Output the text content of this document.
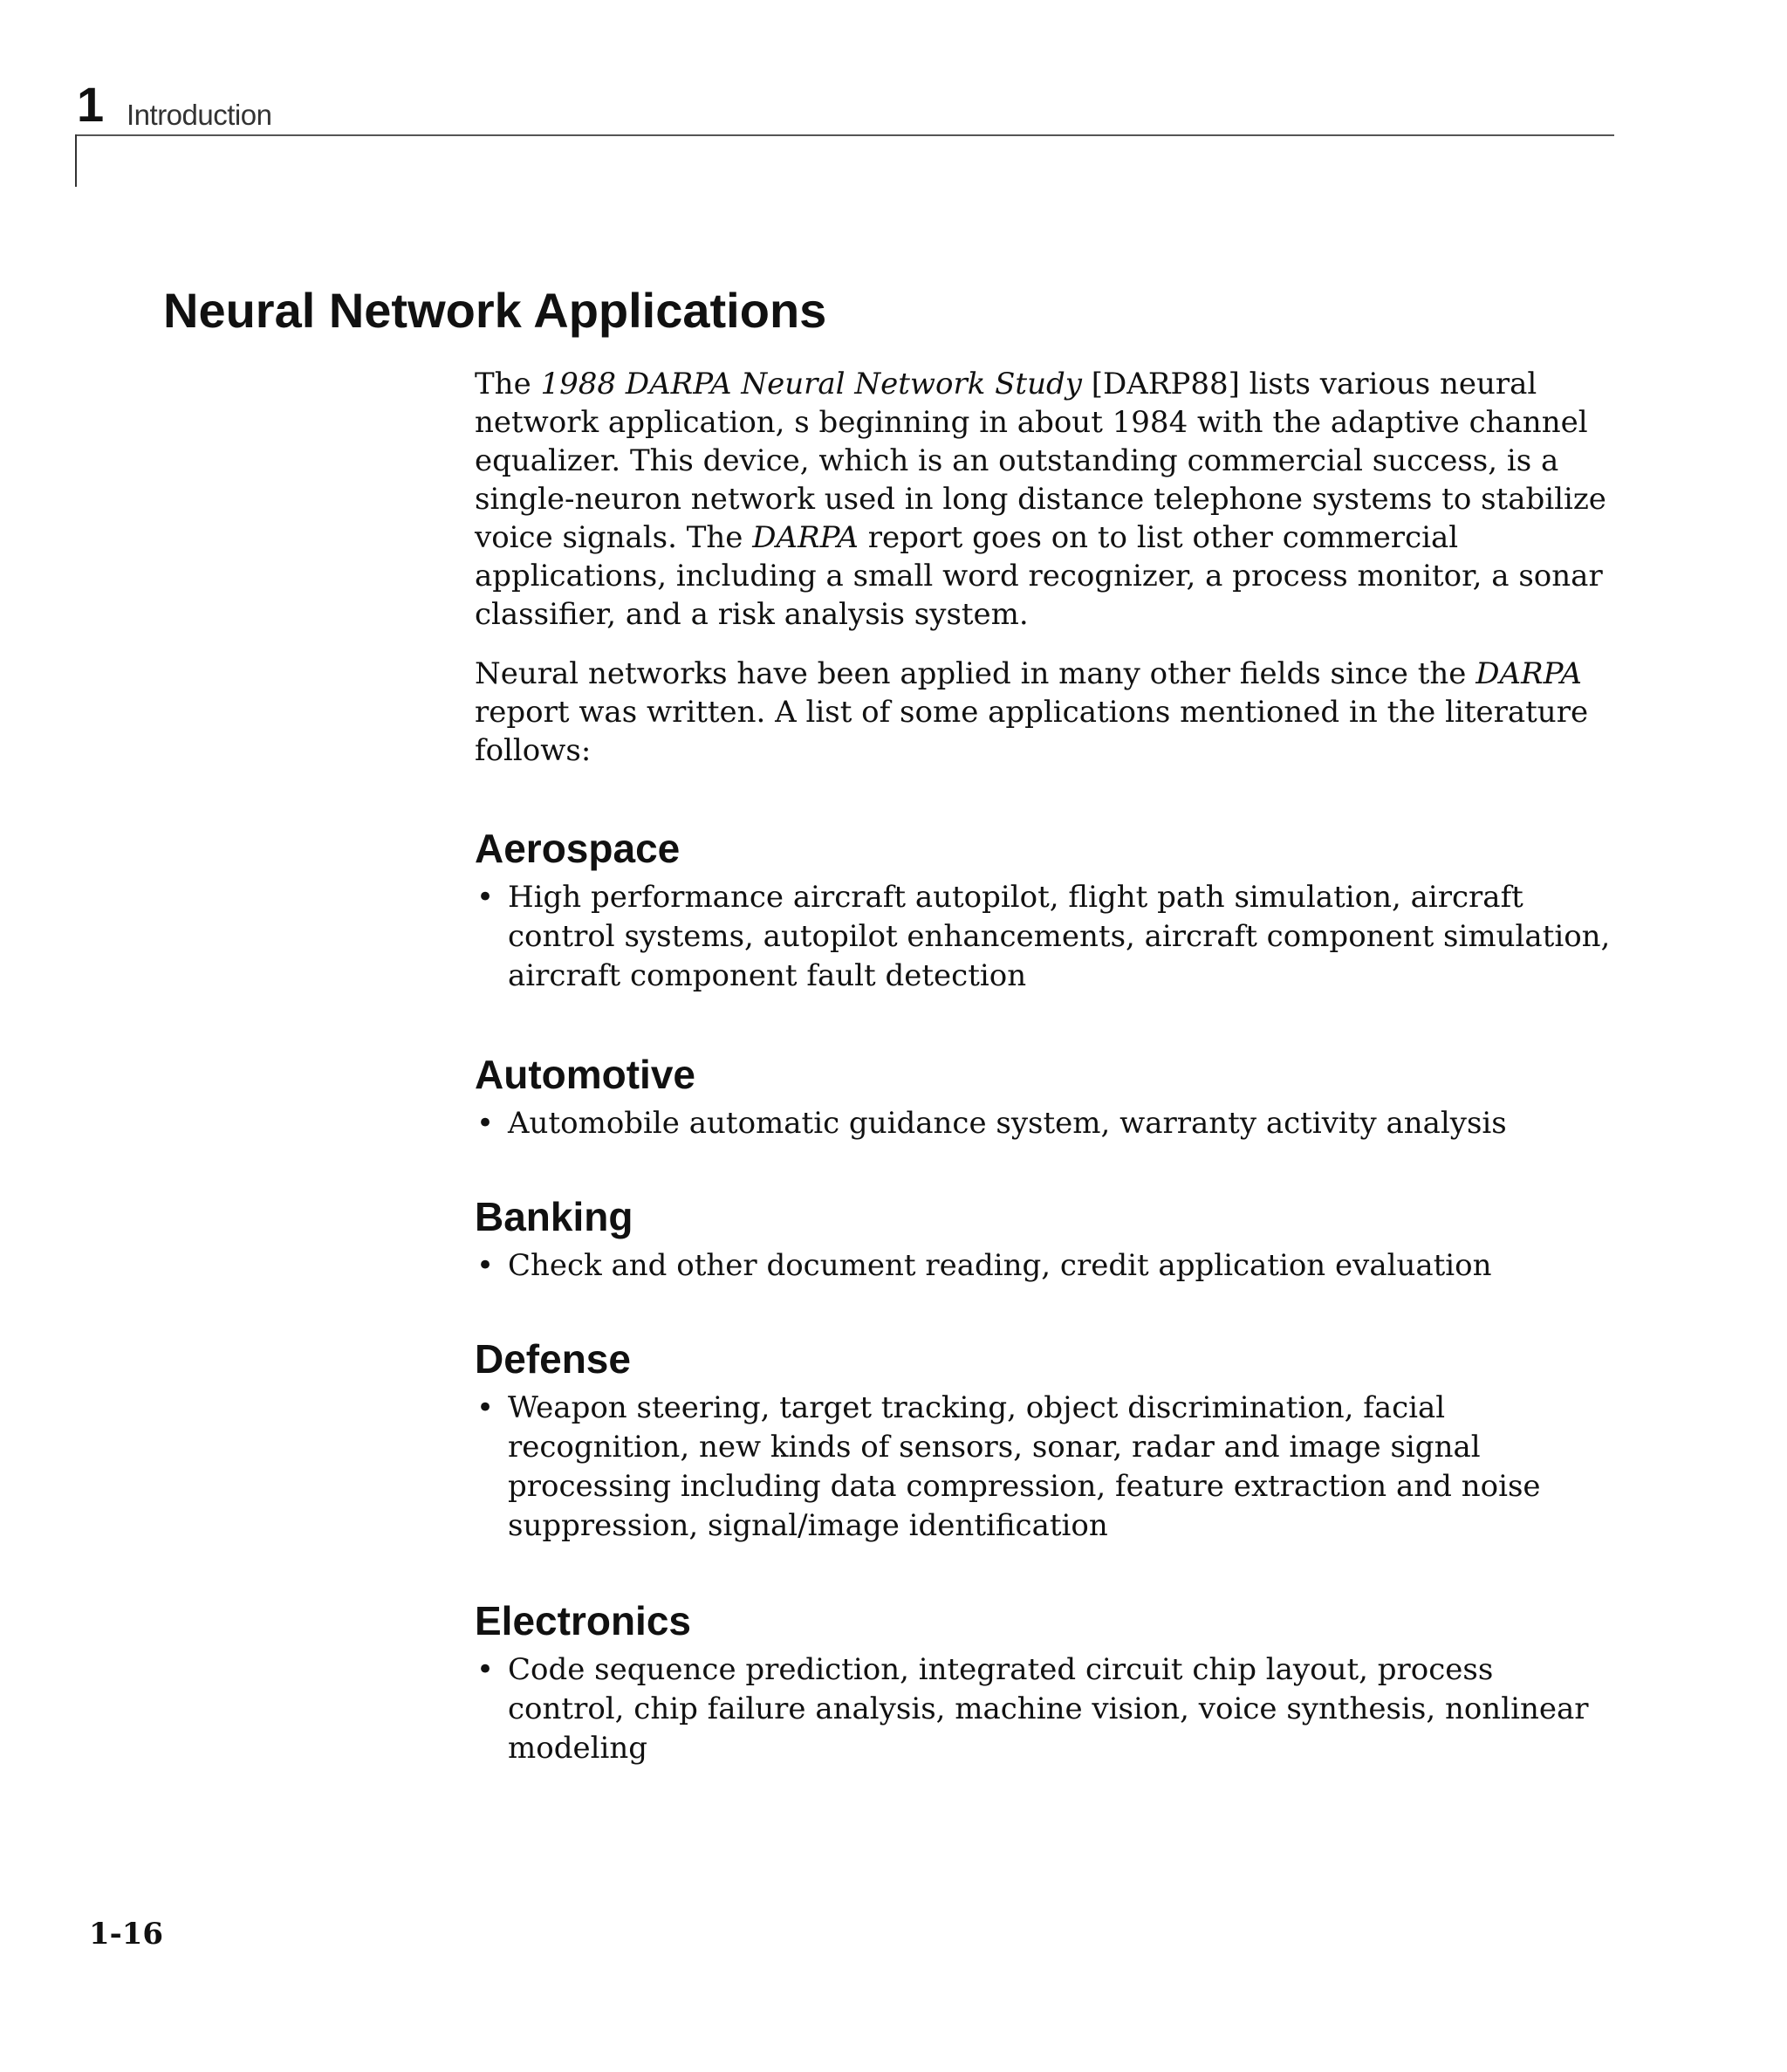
1 Introduction
Neural Network Applications

The 1988 DARPA Neural Network Study [DARP88] lists various neural network application, s beginning in about 1984 with the adaptive channel equalizer. This device, which is an outstanding commercial success, is a single-neuron network used in long distance telephone systems to stabilize voice signals. The DARPA report goes on to list other commercial applications, including a small word recognizer, a process monitor, a sonar classifier, and a risk analysis system.

Neural networks have been applied in many other fields since the DARPA report was written. A list of some applications mentioned in the literature follows:

Aerospace
• High performance aircraft autopilot, flight path simulation, aircraft control systems, autopilot enhancements, aircraft component simulation, aircraft component fault detection
Automotive
• Automobile automatic guidance system, warranty activity analysis
Banking
• Check and other document reading, credit application evaluation
Defense
• Weapon steering, target tracking, object discrimination, facial recognition, new kinds of sensors, sonar, radar and image signal processing including data compression, feature extraction and noise suppression, signal/image identification
Electronics
• Code sequence prediction, integrated circuit chip layout, process control, chip failure analysis, machine vision, voice synthesis, nonlinear modeling
1-16
